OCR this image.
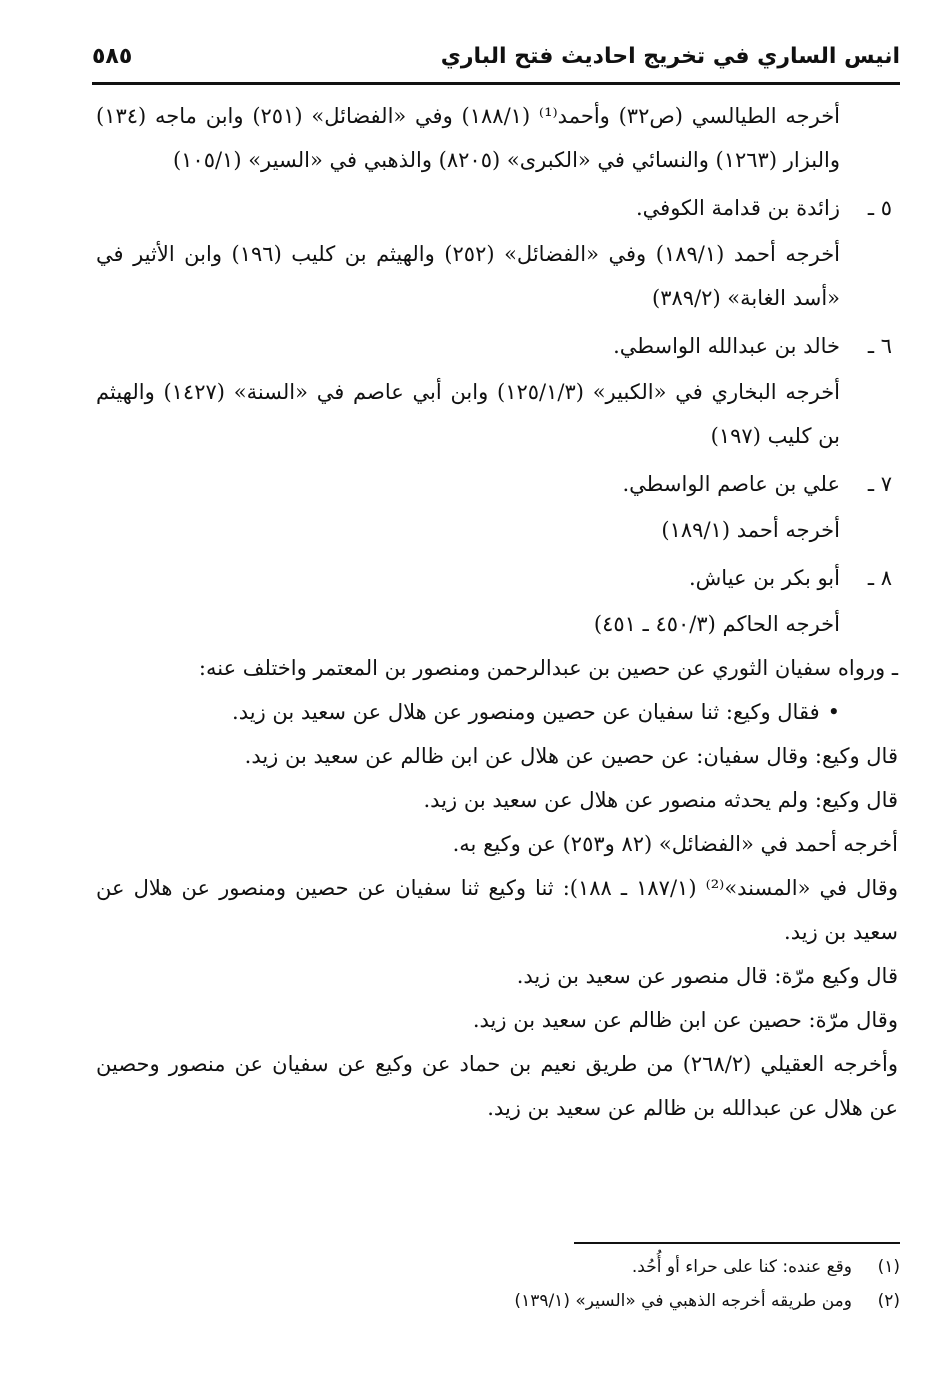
انيس الساري في تخريج احاديث فتح الباري
٥٨٥

أخرجه الطيالسي (ص٣٢) وأحمد⁽¹⁾ (١٨٨/١) وفي «الفضائل» (٢٥١) وابن ماجه (١٣٤) والبزار (١٢٦٣) والنسائي في «الكبرى» (٨٢٠٥) والذهبي في «السير» (١٠٥/١)

٥ ـزائدة بن قدامة الكوفي.

أخرجه أحمد (١٨٩/١) وفي «الفضائل» (٢٥٢) والهيثم بن كليب (١٩٦) وابن الأثير في «أسد الغابة» (٣٨٩/٢)

٦ ـخالد بن عبدالله الواسطي.

أخرجه البخاري في «الكبير» (١٢٥/١/٣) وابن أبي عاصم في «السنة» (١٤٢٧) والهيثم بن كليب (١٩٧)

٧ ـعلي بن عاصم الواسطي.

أخرجه أحمد (١٨٩/١)

٨ ـأبو بكر بن عياش.

أخرجه الحاكم (٤٥٠/٣ ـ ٤٥١)

ـ ورواه سفيان الثوري عن حصين بن عبدالرحمن ومنصور بن المعتمر واختلف عنه:

•فقال وكيع: ثنا سفيان عن حصين ومنصور عن هلال عن سعيد بن زيد.

قال وكيع: وقال سفيان: عن حصين عن هلال عن ابن ظالم عن سعيد بن زيد.

قال وكيع: ولم يحدثه منصور عن هلال عن سعيد بن زيد.

أخرجه أحمد في «الفضائل» (٨٢ و٢٥٣) عن وكيع به.

وقال في «المسند»⁽²⁾ (١٨٧/١ ـ ١٨٨): ثنا وكيع ثنا سفيان عن حصين ومنصور عن هلال عن سعيد بن زيد.

قال وكيع مرّة: قال منصور عن سعيد بن زيد.

وقال مرّة: حصين عن ابن ظالم عن سعيد بن زيد.

وأخرجه العقيلي (٢٦٨/٢) من طريق نعيم بن حماد عن وكيع عن سفيان عن منصور وحصين عن هلال عن عبدالله بن ظالم عن سعيد بن زيد.

(١)وقع عنده: كنا على حراء أو أُحُد.

(٢)ومن طريقه أخرجه الذهبي في «السير» (١٣٩/١)
